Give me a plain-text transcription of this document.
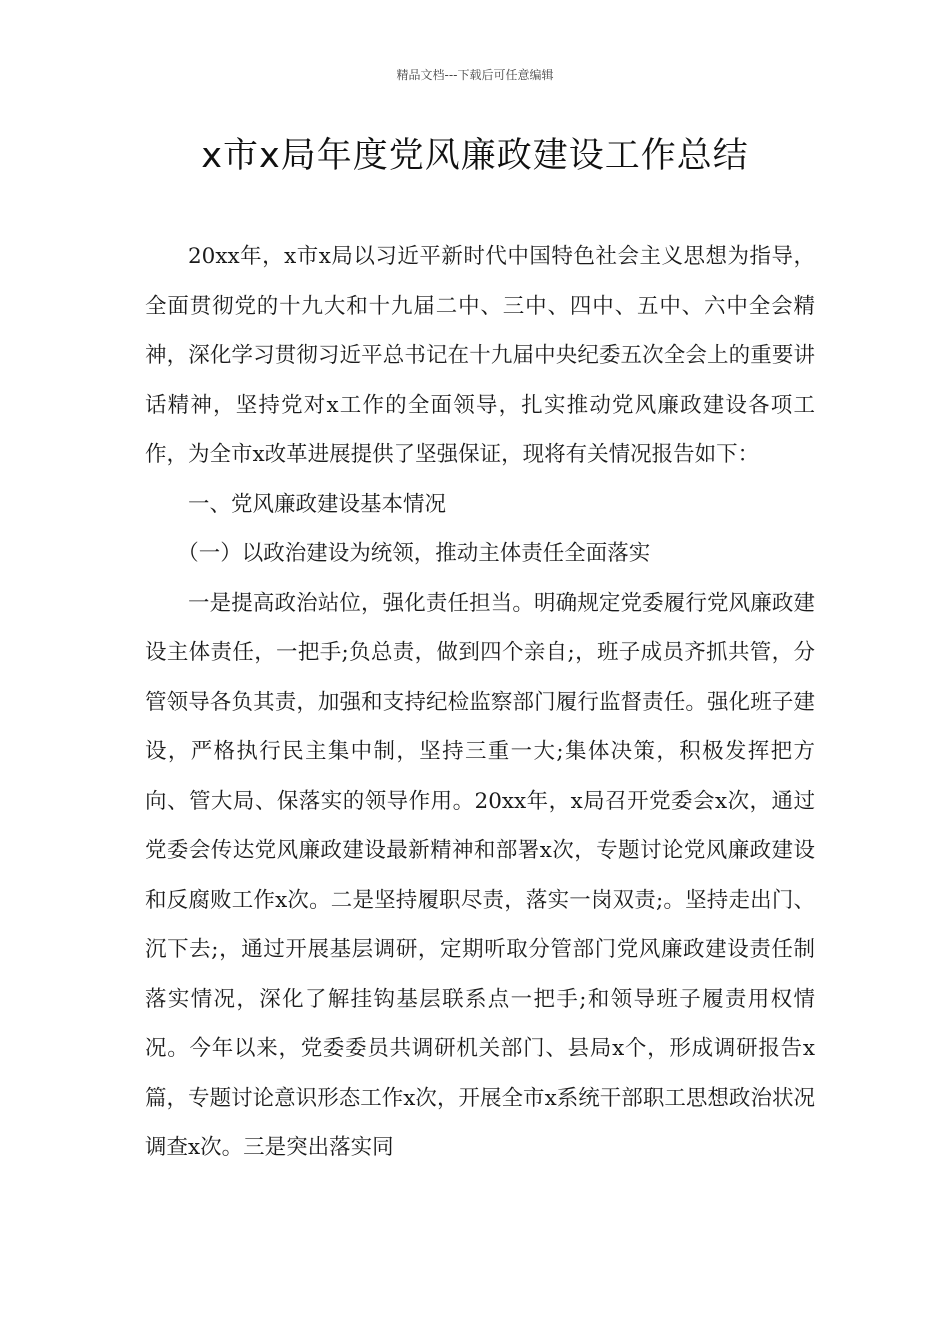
精品文档---下载后可任意编辑
x市x局年度党风廉政建设工作总结

20xx年，x市x局以习近平新时代中国特色社会主义思想为指导，全面贯彻党的十九大和十九届二中、三中、四中、五中、六中全会精神，深化学习贯彻习近平总书记在十九届中央纪委五次全会上的重要讲话精神，坚持党对x工作的全面领导，扎实推动党风廉政建设各项工作，为全市x改革进展提供了坚强保证，现将有关情况报告如下：

一、党风廉政建设基本情况

（一）以政治建设为统领，推动主体责任全面落实

一是提高政治站位，强化责任担当。明确规定党委履行党风廉政建设主体责任，一把手;负总责，做到四个亲自;，班子成员齐抓共管，分管领导各负其责，加强和支持纪检监察部门履行监督责任。强化班子建设，严格执行民主集中制，坚持三重一大;集体决策，积极发挥把方向、管大局、保落实的领导作用。20xx年，x局召开党委会x次，通过党委会传达党风廉政建设最新精神和部署x次，专题讨论党风廉政建设和反腐败工作x次。二是坚持履职尽责，落实一岗双责;。坚持走出门、沉下去;，通过开展基层调研，定期听取分管部门党风廉政建设责任制落实情况，深化了解挂钩基层联系点一把手;和领导班子履责用权情况。今年以来，党委委员共调研机关部门、县局x个，形成调研报告x篇，专题讨论意识形态工作x次，开展全市x系统干部职工思想政治状况调查x次。三是突出落实同
